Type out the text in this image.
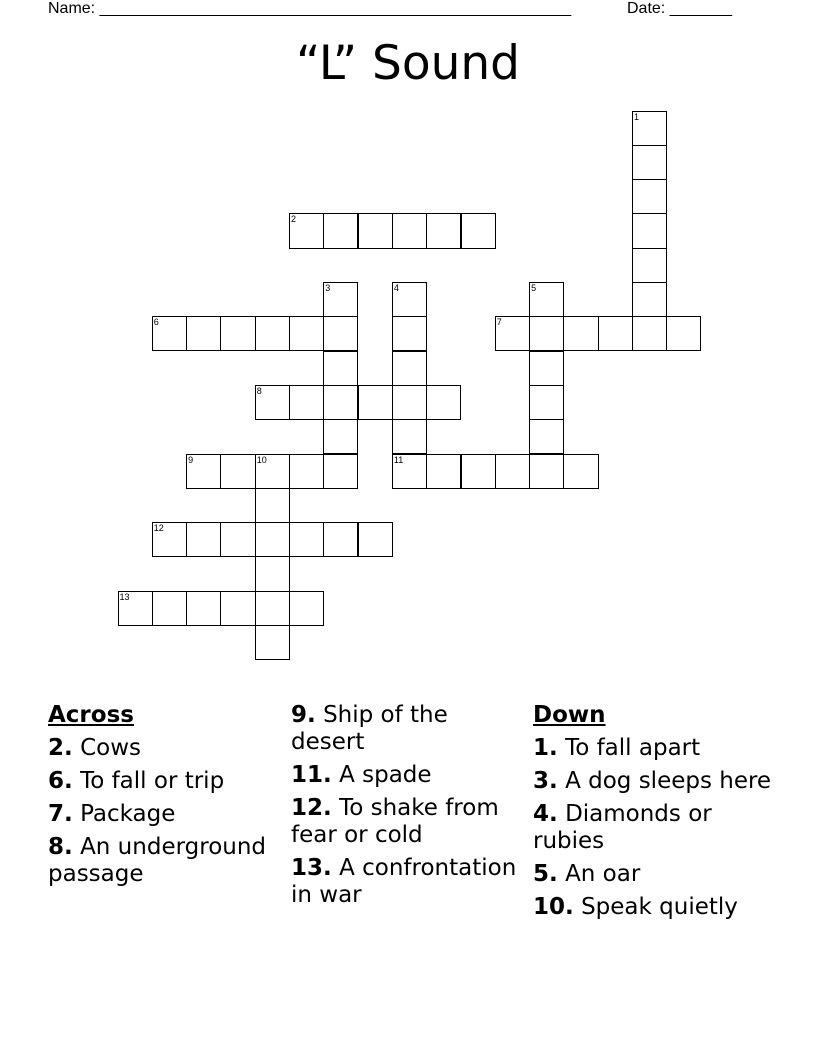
Name: _____________________________________________________	Date: _______
“L” Sound
1
2
3	4
11
5
6	7
8
9	10
12
13
Across
2. Cows
6. To fall or trip
7. Package
8. An underground passage
9. Ship of the desert
11. A spade
12. To shake from fear or cold
13. A confrontation in war
Down
1. To fall apart
3. A dog sleeps here
4. Diamonds or rubies
5. An oar
10. Speak quietly
